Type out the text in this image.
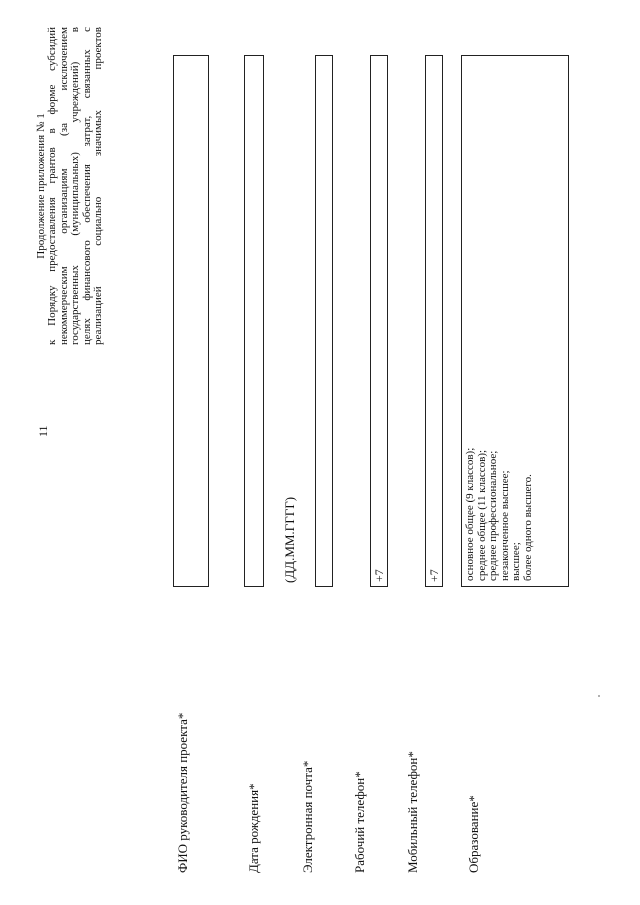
11
Продолжение приложения № 1 к Порядку предоставления грантов в форме субсидий некоммерческим организациям (за исключением государственных (муниципальных) учреждений) в целях финансового обеспечения затрат, связанных с реализацией
социально
значимых
проектов
ФИО руководителя проекта*	Дата рождения*
(ДД.ММ.ГГГГ)
Электронная почта*	Рабочий телефон*
+7
Мобильный телефон*
+7
Образование*
основное общее (9 классов); среднее общее (11 классов); среднее профессиональное; незаконченное высшее; высшее; более одного высшего.
